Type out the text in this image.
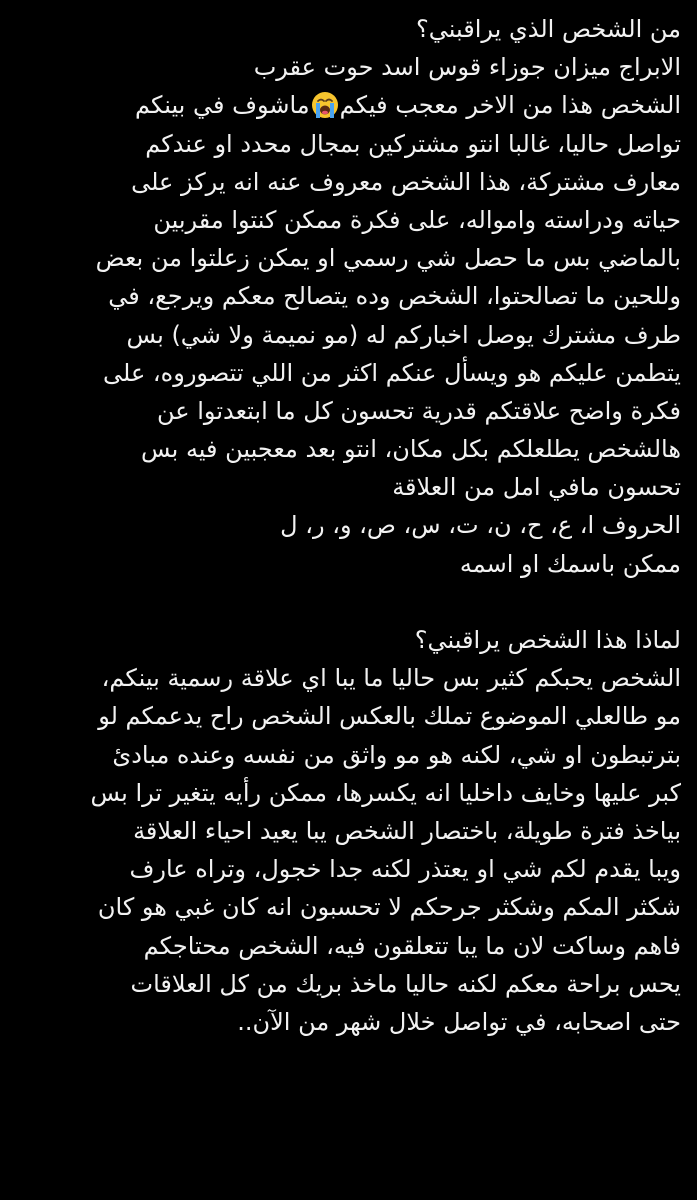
من الشخص الذي يراقبني؟
الابراج ميزان جوزاء قوس اسد حوت عقرب
الشخص هذا من الاخر معجب فيكمماشوف في بينكم
تواصل حاليا، غالبا انتو مشتركين بمجال محدد او عندكم
معارف مشتركة، هذا الشخص معروف عنه انه يركز على
حياته ودراسته وامواله، على فكرة ممكن كنتوا مقربين
بالماضي بس ما حصل شي رسمي او يمكن زعلتوا من بعض
وللحين ما تصالحتوا، الشخص وده يتصالح معكم ويرجع، في
طرف مشترك يوصل اخباركم له (مو نميمة ولا شي) بس
يتطمن عليكم هو ويسأل عنكم اكثر من اللي تتصوروه، على
فكرة واضح علاقتكم قدرية تحسون كل ما ابتعدتوا عن
هالشخص يطلعلكم بكل مكان، انتو بعد معجبين فيه بس
تحسون مافي امل من العلاقة
الحروف ا، ع، ح، ن، ت، س، ص، و، ر، ل
ممكن باسمك او اسمه
لماذا هذا الشخص يراقبني؟
الشخص يحبكم كثير بس حاليا ما يبا اي علاقة رسمية بينكم،
مو طالعلي الموضوع تملك بالعكس الشخص راح يدعمكم لو
بترتبطون او شي، لكنه هو مو واثق من نفسه وعنده مبادئ
كبر عليها وخايف داخليا انه يكسرها، ممكن رأيه يتغير ترا بس
بياخذ فترة طويلة، باختصار الشخص يبا يعيد احياء العلاقة
ويبا يقدم لكم شي او يعتذر لكنه جدا خجول، وتراه عارف
شكثر المكم وشكثر جرحكم لا تحسبون انه كان غبي هو كان
فاهم وساكت لان ما يبا تتعلقون فيه، الشخص محتاجكم
يحس براحة معكم لكنه حاليا ماخذ بريك من كل العلاقات
حتى اصحابه، في تواصل خلال شهر من الآن..
